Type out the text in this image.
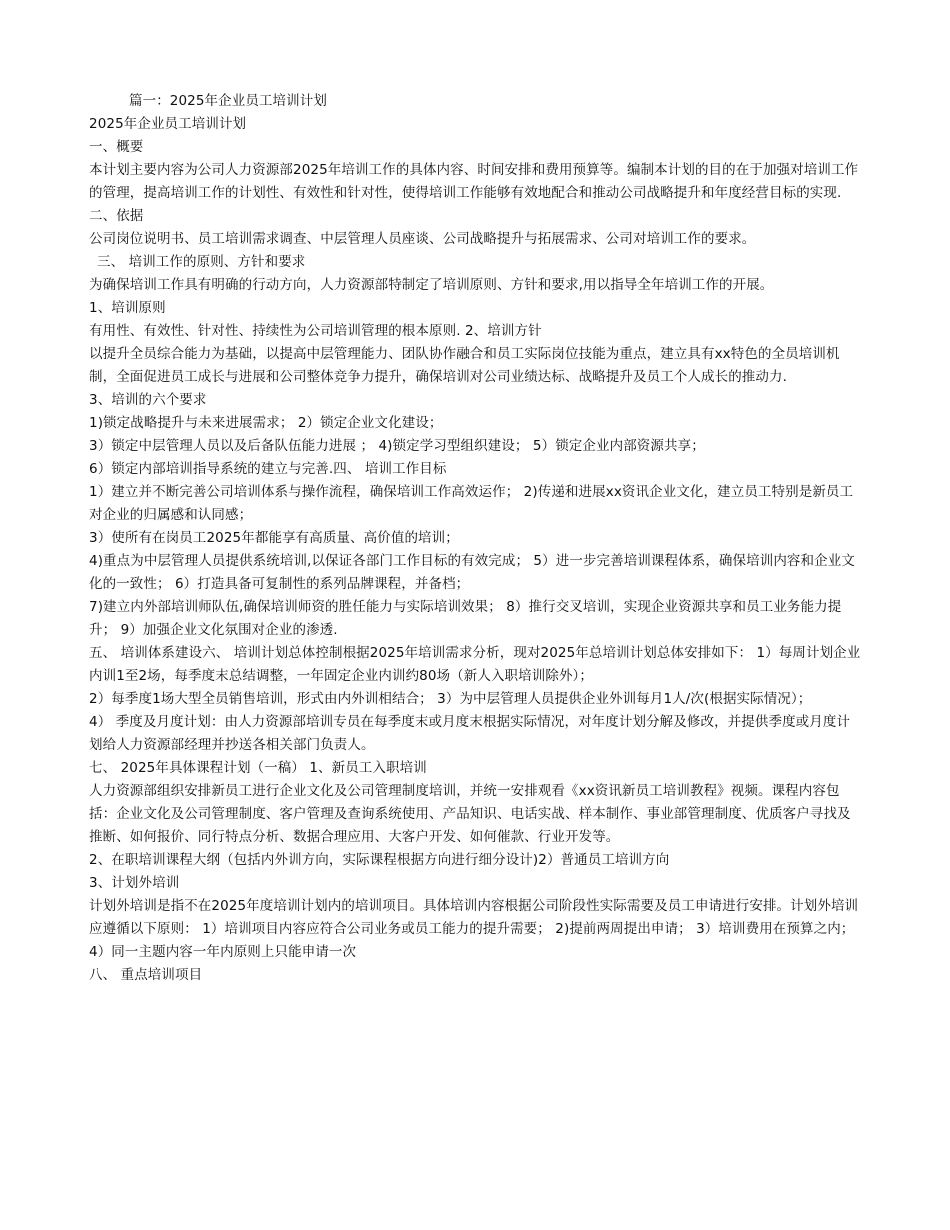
篇一：2025年企业员工培训计划

2025年企业员工培训计划

一、概要

本计划主要内容为公司人力资源部2025年培训工作的具体内容、时间安排和费用预算等。编制本计划的目的在于加强对培训工作的管理，提高培训工作的计划性、有效性和针对性，使得培训工作能够有效地配合和推动公司战略提升和年度经营目标的实现.

二、依据

公司岗位说明书、员工培训需求调查、中层管理人员座谈、公司战略提升与拓展需求、公司对培训工作的要求。

三、 培训工作的原则、方针和要求

为确保培训工作具有明确的行动方向，人力资源部特制定了培训原则、方针和要求,用以指导全年培训工作的开展。

1、培训原则

有用性、有效性、针对性、持续性为公司培训管理的根本原则. 2、培训方针

以提升全员综合能力为基础，以提高中层管理能力、团队协作融合和员工实际岗位技能为重点，建立具有xx特色的全员培训机制，全面促进员工成长与进展和公司整体竞争力提升，确保培训对公司业绩达标、战略提升及员工个人成长的推动力.

3、培训的六个要求

1)锁定战略提升与未来进展需求； 2）锁定企业文化建设；

3）锁定中层管理人员以及后备队伍能力进展 ； 4)锁定学习型组织建设； 5）锁定企业内部资源共享；

6）锁定内部培训指导系统的建立与完善.四、 培训工作目标

1）建立并不断完善公司培训体系与操作流程，确保培训工作高效运作； 2)传递和进展xx资讯企业文化，建立员工特别是新员工对企业的归属感和认同感；

3）使所有在岗员工2025年都能享有高质量、高价值的培训；

4)重点为中层管理人员提供系统培训,以保证各部门工作目标的有效完成； 5）进一步完善培训课程体系，确保培训内容和企业文化的一致性； 6）打造具备可复制性的系列品牌课程，并备档；

7)建立内外部培训师队伍,确保培训师资的胜任能力与实际培训效果； 8）推行交叉培训，实现企业资源共享和员工业务能力提升； 9）加强企业文化氛围对企业的渗透.

五、 培训体系建设六、 培训计划总体控制根据2025年培训需求分析，现对2025年总培训计划总体安排如下： 1）每周计划企业内训1至2场，每季度末总结调整，一年固定企业内训约80场（新人入职培训除外）；

2）每季度1场大型全员销售培训，形式由内外训相结合； 3）为中层管理人员提供企业外训每月1人/次(根据实际情况）；

4） 季度及月度计划：由人力资源部培训专员在每季度末或月度末根据实际情况，对年度计划分解及修改，并提供季度或月度计划给人力资源部经理并抄送各相关部门负责人。

七、 2025年具体课程计划（一稿） 1、新员工入职培训

人力资源部组织安排新员工进行企业文化及公司管理制度培训，并统一安排观看《xx资讯新员工培训教程》视频。课程内容包括：企业文化及公司管理制度、客户管理及查询系统使用、产品知识、电话实战、样本制作、事业部管理制度、优质客户寻找及推断、如何报价、同行特点分析、数据合理应用、大客户开发、如何催款、行业开发等。

2、在职培训课程大纲（包括内外训方向，实际课程根据方向进行细分设计)2）普通员工培训方向

3、计划外培训

计划外培训是指不在2025年度培训计划内的培训项目。具体培训内容根据公司阶段性实际需要及员工申请进行安排。计划外培训应遵循以下原则： 1）培训项目内容应符合公司业务或员工能力的提升需要； 2)提前两周提出申请； 3）培训费用在预算之内；

4）同一主题内容一年内原则上只能申请一次

八、 重点培训项目
